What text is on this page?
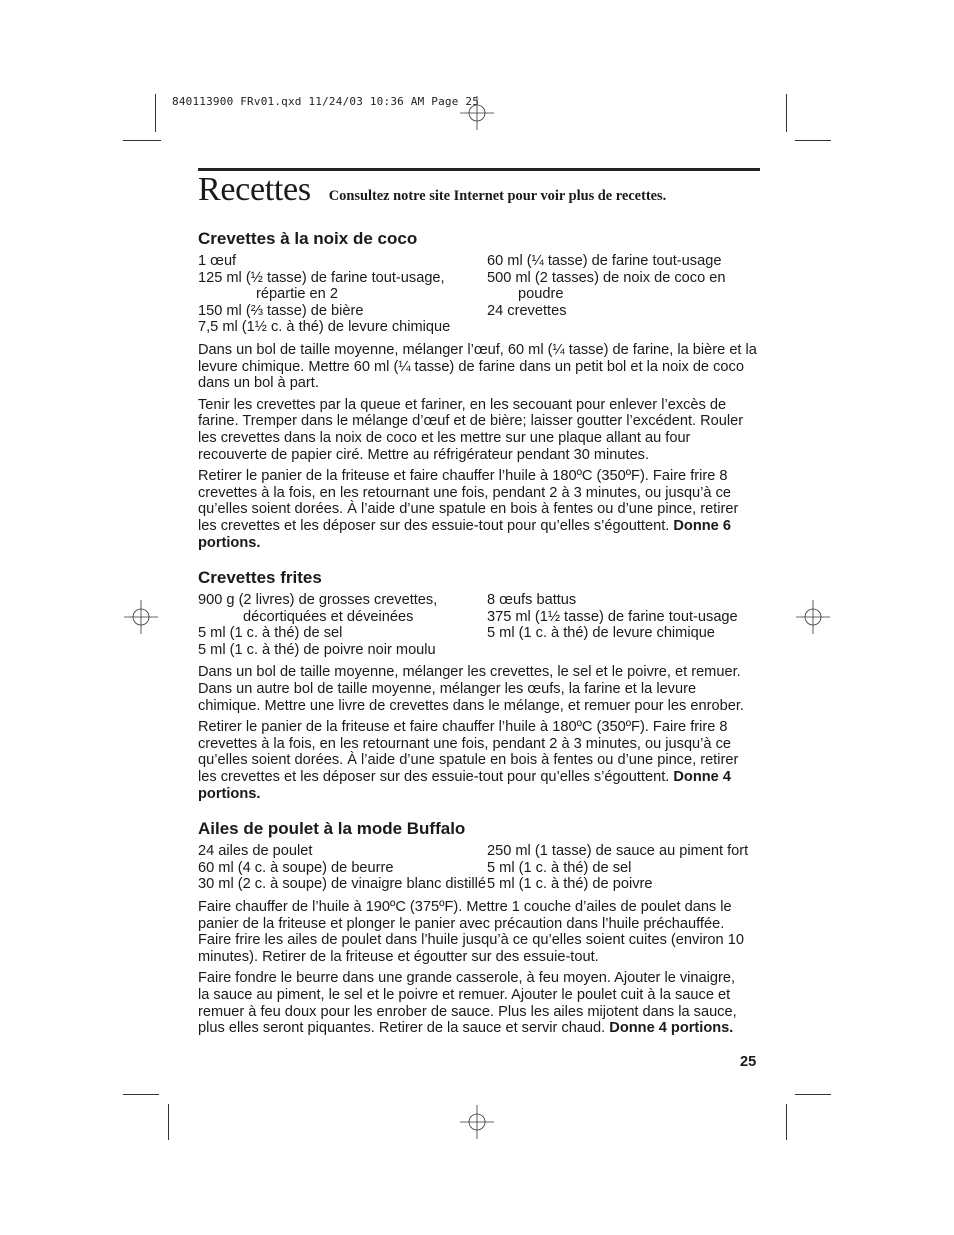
840113900 FRv01.qxd 11/24/03 10:36 AM Page 25
Recettes Consultez notre site Internet pour voir plus de recettes.
Crevettes à la noix de coco
1 œuf
125 ml (½ tasse) de farine tout-usage, répartie en 2
150 ml (⅔ tasse) de bière
7,5 ml (1½ c. à thé) de levure chimique
60 ml (¼ tasse) de farine tout-usage
500 ml (2 tasses) de noix de coco en poudre
24 crevettes

Dans un bol de taille moyenne, mélanger l’œuf, 60 ml (¼ tasse) de farine, la bière et la levure chimique. Mettre 60 ml (¼ tasse) de farine dans un petit bol et la noix de coco dans un bol à part.

Tenir les crevettes par la queue et fariner, en les secouant pour enlever l’excès de farine. Tremper dans le mélange d’œuf et de bière; laisser goutter l’excédent. Rouler les crevettes dans la noix de coco et les mettre sur une plaque allant au four recouverte de papier ciré. Mettre au réfrigérateur pendant 30 minutes.

Retirer le panier de la friteuse et faire chauffer l’huile à 180ºC (350ºF). Faire frire 8 crevettes à la fois, en les retournant une fois, pendant 2 à 3 minutes, ou jusqu’à ce qu’elles soient dorées. À l’aide d’une spatule en bois à fentes ou d’une pince, retirer les crevettes et les déposer sur des essuie-tout pour qu’elles s’égouttent. Donne 6 portions.

Crevettes frites
900 g (2 livres) de grosses crevettes, décortiquées et déveinées
5 ml (1 c. à thé) de sel
5 ml (1 c. à thé) de poivre noir moulu
8 œufs battus
375 ml (1½ tasse) de farine tout-usage
5 ml (1 c. à thé) de levure chimique

Dans un bol de taille moyenne, mélanger les crevettes, le sel et le poivre, et remuer. Dans un autre bol de taille moyenne, mélanger les œufs, la farine et la levure chimique. Mettre une livre de crevettes dans le mélange, et remuer pour les enrober.

Retirer le panier de la friteuse et faire chauffer l’huile à 180ºC (350ºF). Faire frire 8 crevettes à la fois, en les retournant une fois, pendant 2 à 3 minutes, ou jusqu’à ce qu’elles soient dorées. À l’aide d’une spatule en bois à fentes ou d’une pince, retirer les crevettes et les déposer sur des essuie-tout pour qu’elles s’égouttent. Donne 4 portions.

Ailes de poulet à la mode Buffalo
24 ailes de poulet
60 ml (4 c. à soupe) de beurre
30 ml (2 c. à soupe) de vinaigre blanc distillé
250 ml (1 tasse) de sauce au piment fort
5 ml (1 c. à thé) de sel
5 ml (1 c. à thé) de poivre

Faire chauffer de l’huile à 190ºC (375ºF). Mettre 1 couche d’ailes de poulet dans le panier de la friteuse et plonger le panier avec précaution dans l’huile préchauffée. Faire frire les ailes de poulet dans l’huile jusqu’à ce qu’elles soient cuites (environ 10 minutes). Retirer de la friteuse et égoutter sur des essuie-tout.

Faire fondre le beurre dans une grande casserole, à feu moyen. Ajouter le vinaigre, la sauce au piment, le sel et le poivre et remuer. Ajouter le poulet cuit à la sauce et remuer à feu doux pour les enrober de sauce. Plus les ailes mijotent dans la sauce, plus elles seront piquantes. Retirer de la sauce et servir chaud. Donne 4 portions.

25
